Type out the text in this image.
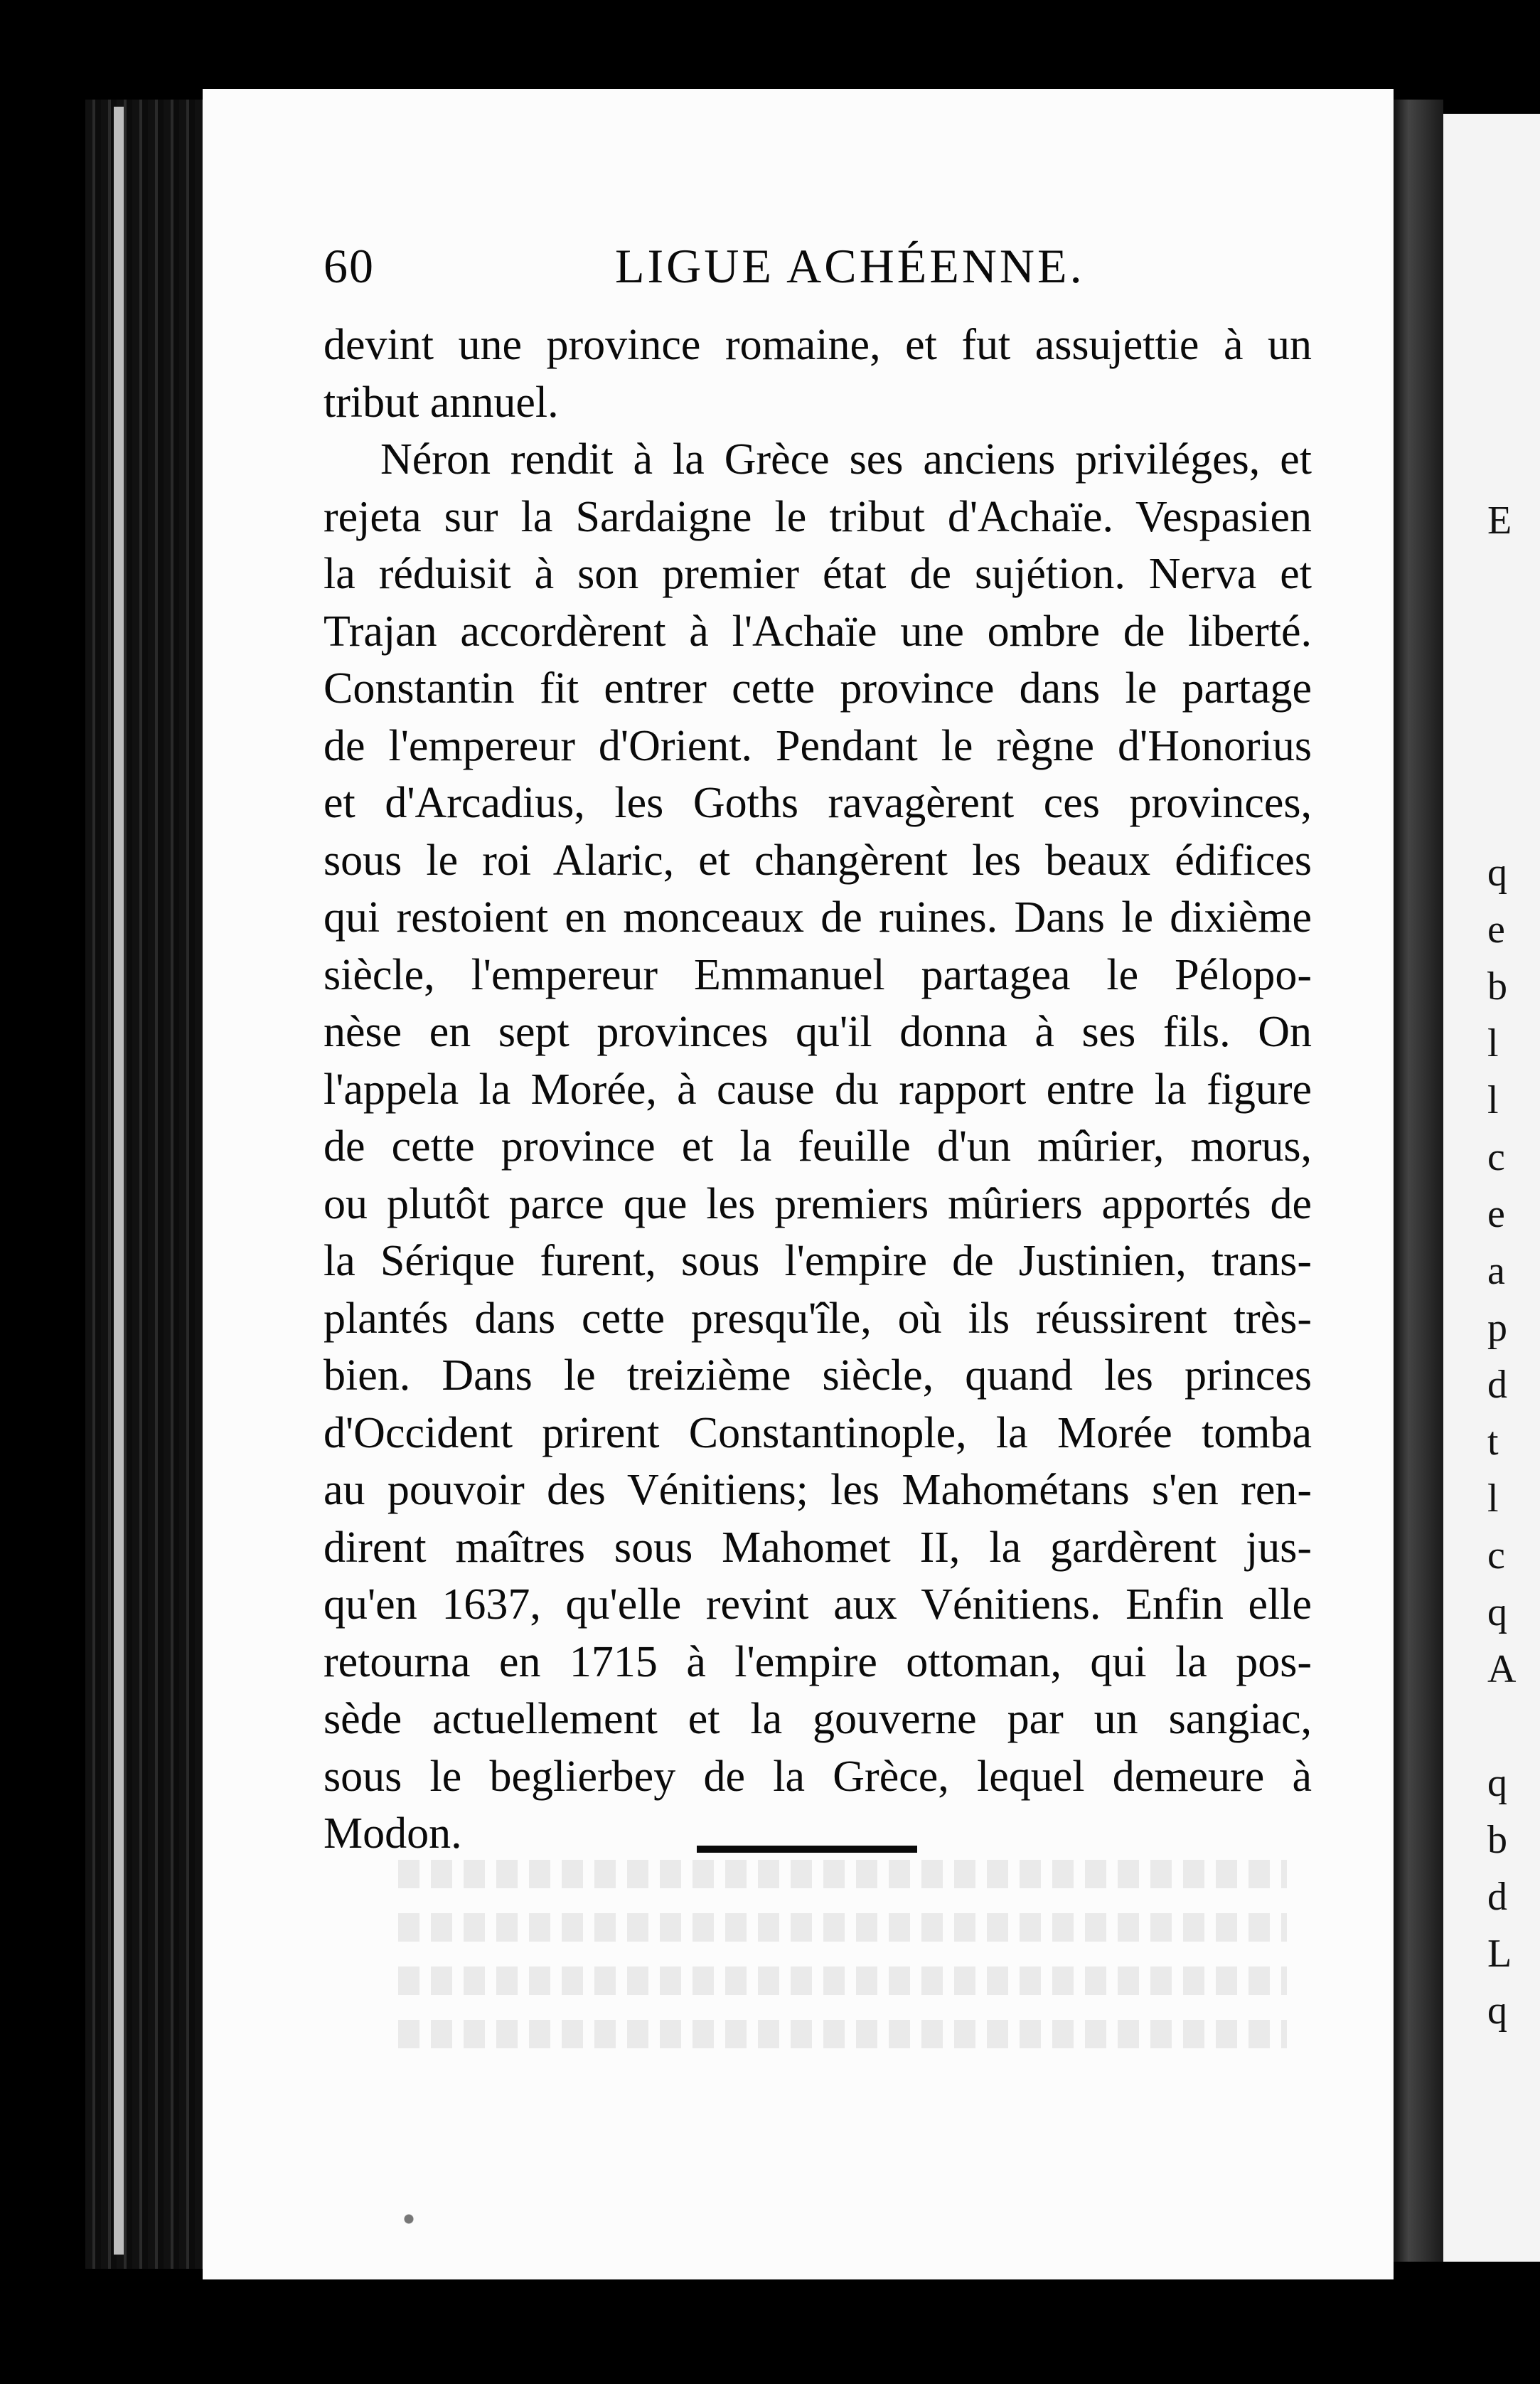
E
q
e
b
l
l
c
e
a
p
d
t
l
c
q
A
q
b
d
L
q
60	LIGUE ACHÉENNE.
devint une province romaine, et fut assujettie à un
tribut annuel.
Néron rendit à la Grèce ses anciens priviléges, et
rejeta sur la Sardaigne le tribut d'Achaïe. Vespasien
la réduisit à son premier état de sujétion. Nerva et
Trajan accordèrent à l'Achaïe une ombre de liberté.
Constantin fit entrer cette province dans le partage
de l'empereur d'Orient. Pendant le règne d'Honorius
et d'Arcadius, les Goths ravagèrent ces provinces,
sous le roi Alaric, et changèrent les beaux édifices
qui restoient en monceaux de ruines. Dans le dixième
siècle, l'empereur Emmanuel partagea le Pélopo-
nèse en sept provinces qu'il donna à ses fils. On
l'appela la Morée, à cause du rapport entre la figure
de cette province et la feuille d'un mûrier, morus,
ou plutôt parce que les premiers mûriers apportés de
la Sérique furent, sous l'empire de Justinien, trans-
plantés dans cette presqu'île, où ils réussirent très-
bien. Dans le treizième siècle, quand les princes
d'Occident prirent Constantinople, la Morée tomba
au pouvoir des Vénitiens; les Mahométans s'en ren-
dirent maîtres sous Mahomet II, la gardèrent jus-
qu'en 1637, qu'elle revint aux Vénitiens. Enfin elle
retourna en 1715 à l'empire ottoman, qui la pos-
sède actuellement et la gouverne par un sangiac,
sous le beglierbey de la Grèce, lequel demeure à
Modon.
